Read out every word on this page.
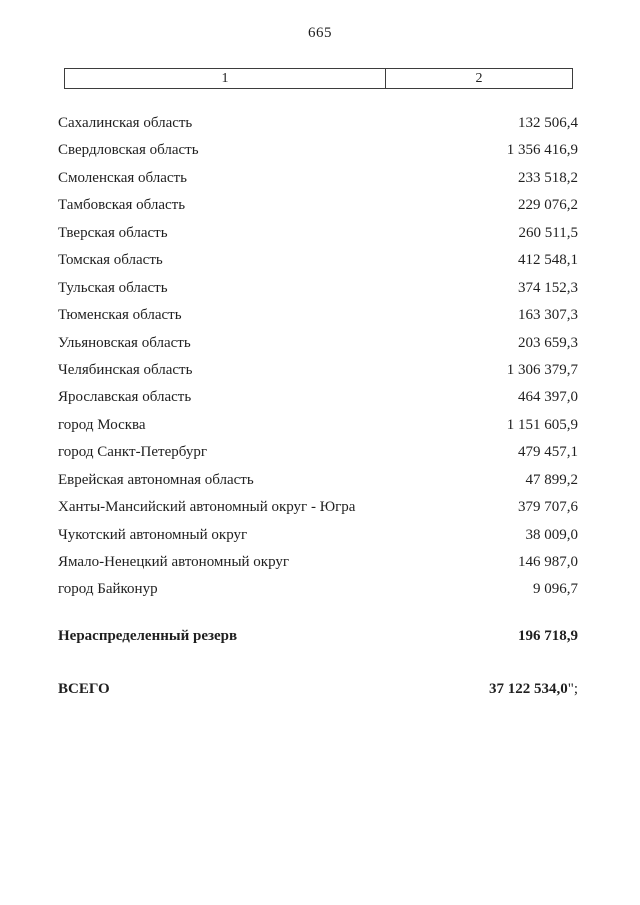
665
1	2
Сахалинская область	132 506,4
Свердловская область	1 356 416,9
Смоленская область	233 518,2
Тамбовская область	229 076,2
Тверская область	260 511,5
Томская область	412 548,1
Тульская область	374 152,3
Тюменская область	163 307,3
Ульяновская область	203 659,3
Челябинская область	1 306 379,7
Ярославская область	464 397,0
город Москва	1 151 605,9
город Санкт-Петербург	479 457,1
Еврейская автономная область	47 899,2
Ханты-Мансийский автономный округ - Югра	379 707,6
Чукотский автономный округ	38 009,0
Ямало-Ненецкий автономный округ	146 987,0
город Байконур	9 096,7
Нераспределенный резерв	196 718,9
ВСЕГО	37 122 534,0";
